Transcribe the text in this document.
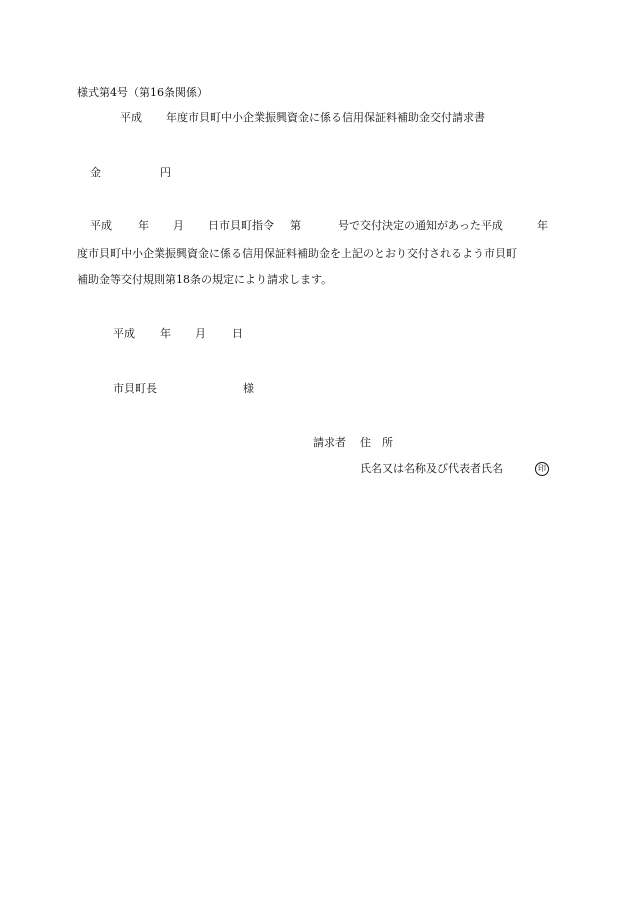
様式第4号（第16条関係）
平成 年度市貝町中小企業振興資金に係る信用保証料補助金交付請求書
金	円
平成 年 月 日市貝町指令 第	号で交付決定の通知があった平成	年
度市貝町中小企業振興資金に係る信用保証料補助金を上記のとおり交付されるよう市貝町
補助金等交付規則第18条の規定により請求します。
平成 年 月 日
市貝町長	様
請求者 住　所
氏名又は名称及び代表者氏名	印
